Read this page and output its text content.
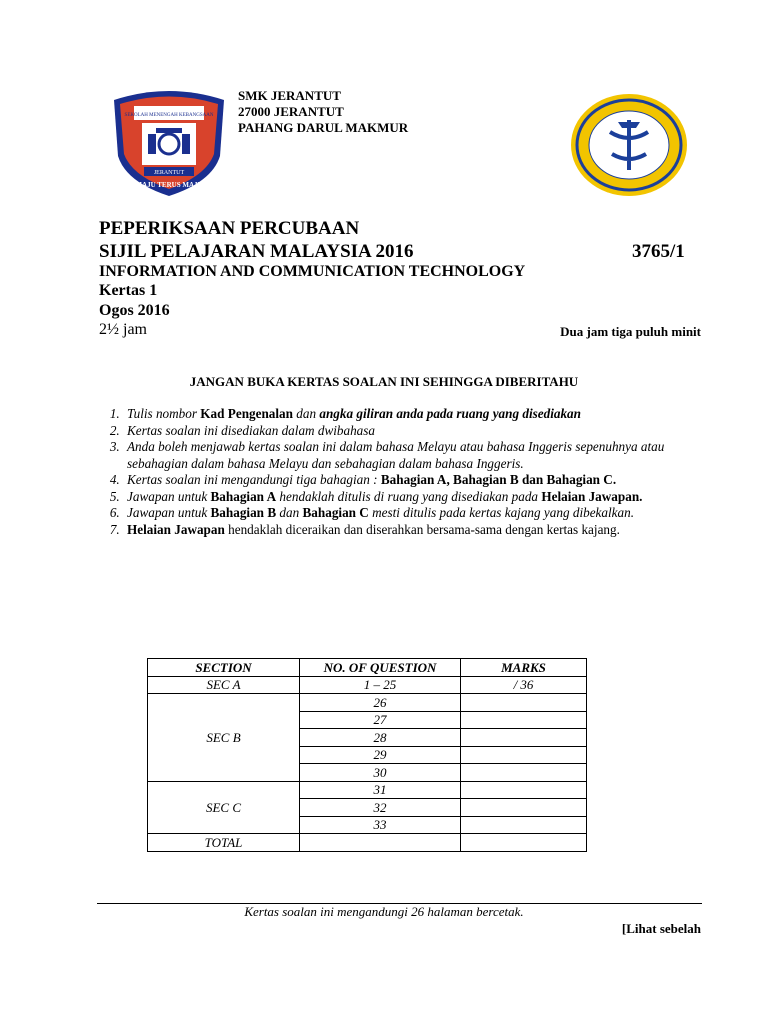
SEKOLAH MENENGAH KEBANGSAAN
JERANTUT
MAJU TERUS MAJU
SMK JERANTUT
27000 JERANTUT
PAHANG DARUL MAKMUR
PEPERIKSAAN PERCUBAAN
SIJIL PELAJARAN MALAYSIA 2016	3765/1
INFORMATION AND COMMUNICATION TECHNOLOGY
Kertas 1
Ogos 2016
2½ jam	Dua jam tiga puluh minit
JANGAN BUKA KERTAS SOALAN INI SEHINGGA DIBERITAHU
1. Tulis nombor Kad Pengenalan dan angka giliran anda pada ruang yang disediakan
2. Kertas soalan ini disediakan dalam dwibahasa
3. Anda boleh menjawab kertas soalan ini dalam bahasa Melayu atau bahasa Inggeris sepenuhnya atau sebahagian dalam bahasa Melayu dan sebahagian dalam bahasa Inggeris.
4. Kertas soalan ini mengandungi tiga bahagian : Bahagian A, Bahagian B dan Bahagian C.
5. Jawapan untuk Bahagian A hendaklah ditulis di ruang yang disediakan pada Helaian Jawapan.
6. Jawapan untuk Bahagian B dan Bahagian C mesti ditulis pada kertas kajang yang dibekalkan.
7. Helaian Jawapan hendaklah diceraikan dan diserahkan bersama-sama dengan kertas kajang.
SECTION	NO. OF QUESTION	MARKS
SEC A	1 – 25	/ 36
SEC B	26	
	27	
	28	
	29	
	30	
SEC C	31	
	32	
	33	
TOTAL		
Kertas soalan ini mengandungi 26 halaman bercetak.
[Lihat sebelah
